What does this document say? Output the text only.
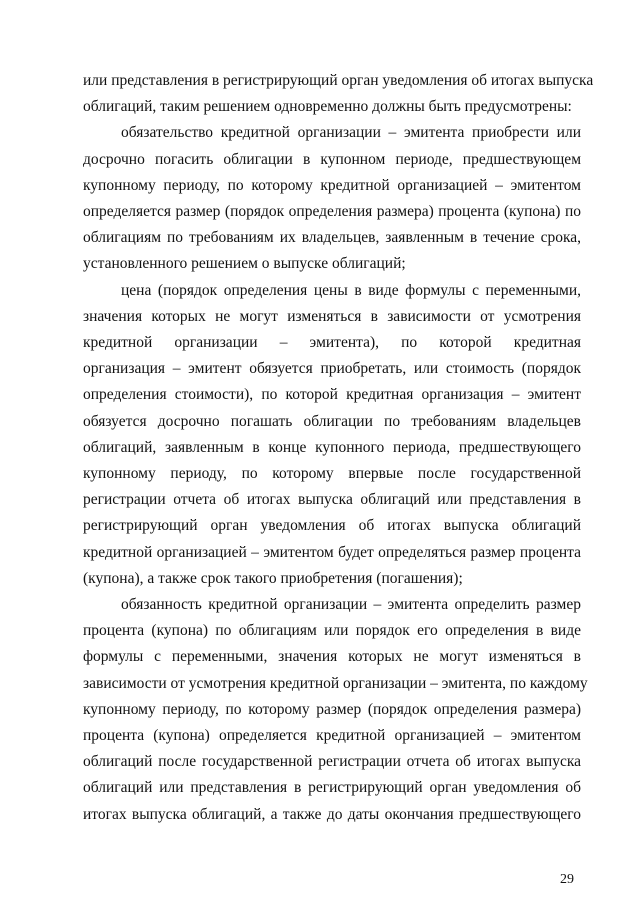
или представления в регистрирующий орган уведомления об итогах выпуска
облигаций, таким решением одновременно должны быть предусмотрены:

обязательство кредитной организации – эмитента приобрести или
досрочно погасить облигации в купонном периоде, предшествующем
купонному периоду, по которому кредитной организацией – эмитентом
определяется размер (порядок определения размера) процента (купона) по
облигациям по требованиям их владельцев, заявленным в течение срока,
установленного решением о выпуске облигаций;

цена (порядок определения цены в виде формулы с переменными,
значения которых не могут изменяться в зависимости от усмотрения
кредитной организации – эмитента), по которой кредитная
организация – эмитент обязуется приобретать, или стоимость (порядок
определения стоимости), по которой кредитная организация – эмитент
обязуется досрочно погашать облигации по требованиям владельцев
облигаций, заявленным в конце купонного периода, предшествующего
купонному периоду, по которому впервые после государственной
регистрации отчета об итогах выпуска облигаций или представления в
регистрирующий орган уведомления об итогах выпуска облигаций
кредитной организацией – эмитентом будет определяться размер процента
(купона), а также срок такого приобретения (погашения);

обязанность кредитной организации – эмитента определить размер
процента (купона) по облигациям или порядок его определения в виде
формулы с переменными, значения которых не могут изменяться в
зависимости от усмотрения кредитной организации – эмитента, по каждому
купонному периоду, по которому размер (порядок определения размера)
процента (купона) определяется кредитной организацией – эмитентом
облигаций после государственной регистрации отчета об итогах выпуска
облигаций или представления в регистрирующий орган уведомления об
итогах выпуска облигаций, а также до даты окончания предшествующего

29
